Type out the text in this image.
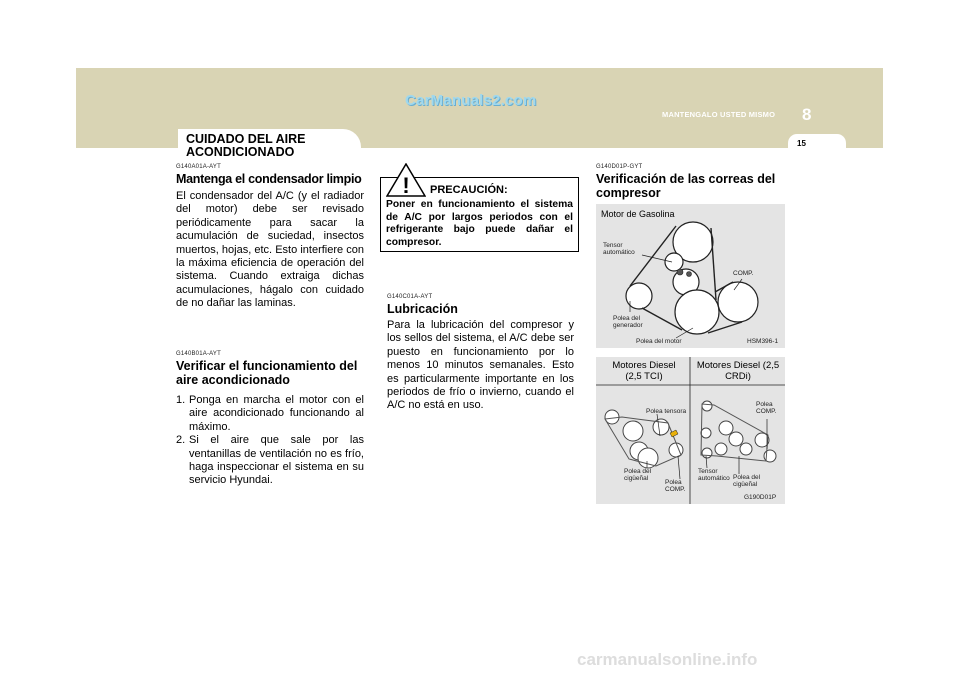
CarManuals2.com
MANTENGALO USTED MISMO 8
15
CUIDADO DEL AIRE ACONDICIONADO
G140A01A-AYT
Mantenga el condensador limpio
El condensador del A/C (y el radiador del motor) debe ser revisado periódicamente para sacar la acumulación de suciedad, insectos muertos, hojas, etc. Esto interfiere con la máxima eficiencia de operación del sistema. Cuando extraiga dichas acumulaciones, hágalo con cuidado de no dañar las laminas.
G140B01A-AYT
Verificar el funcionamiento del aire acondicionado
1. Ponga en marcha el motor con el aire acondicionado funcionando al máximo.
2. Si el aire que sale por las ventanillas de ventilación no es frío, haga inspeccionar el sistema en su servicio Hyundai.
! PRECAUCIÓN:
Poner en funcionamiento el sistema de A/C por largos periodos con el refrigerante bajo puede dañar el compresor.
G140C01A-AYT
Lubricación
Para la lubricación del compresor y los sellos del sistema, el A/C debe ser puesto en funcionamiento por lo menos 10 minutos semanales. Esto es particularmente importante en los periodos de frío o invierno, cuando el A/C no está en uso.
G140D01P-GYT
Verificación de las correas del compresor
Motor de Gasolina
Tensor automático
COMP.
Polea del generador
Polea del motor	HSM396-1
Motores Diesel (2,5 TCI)
Motores Diesel (2,5 CRDi)
Polea tensora
Polea del cigüeñal
Polea COMP.
Polea COMP.
Tensor automático Polea del cigüeñal
G190D01P
carmanualsonline.info
